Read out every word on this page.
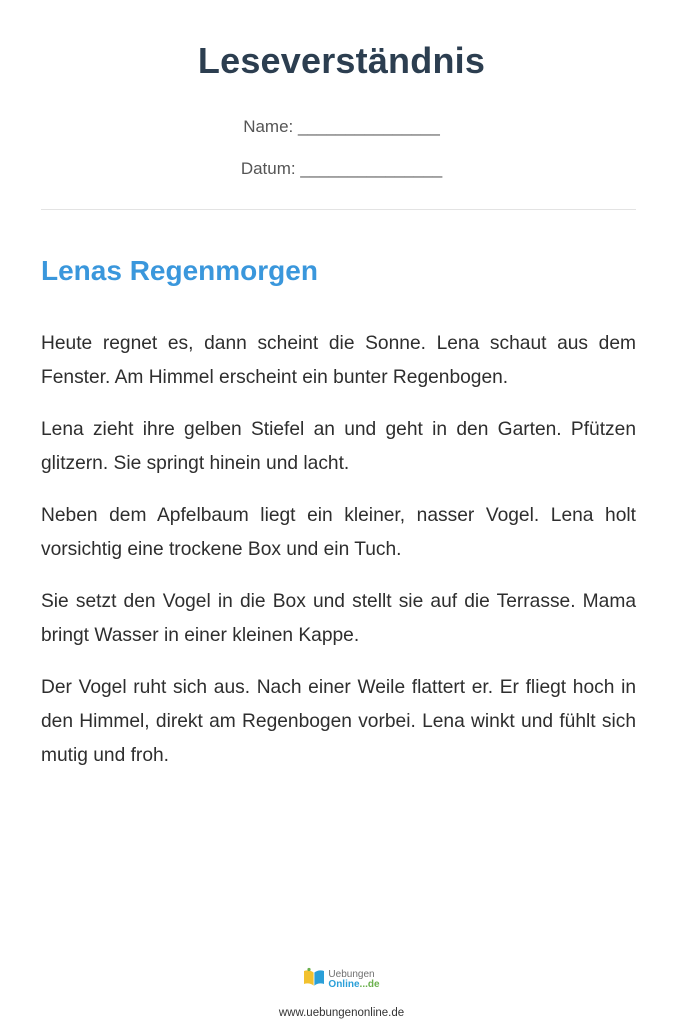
Leseverständnis
Name: _______________
Datum: _______________
Lenas Regenmorgen

Heute regnet es, dann scheint die Sonne. Lena schaut aus dem Fenster. Am Himmel erscheint ein bunter Regenbogen.

Lena zieht ihre gelben Stiefel an und geht in den Garten. Pfützen glitzern. Sie springt hinein und lacht.

Neben dem Apfelbaum liegt ein kleiner, nasser Vogel. Lena holt vorsichtig eine trockene Box und ein Tuch.

Sie setzt den Vogel in die Box und stellt sie auf die Terrasse. Mama bringt Wasser in einer kleinen Kappe.

Der Vogel ruht sich aus. Nach einer Weile flattert er. Er fliegt hoch in den Himmel, direkt am Regenbogen vorbei. Lena winkt und fühlt sich mutig und froh.

Uebungen
Online...de
www.uebungenonline.de
